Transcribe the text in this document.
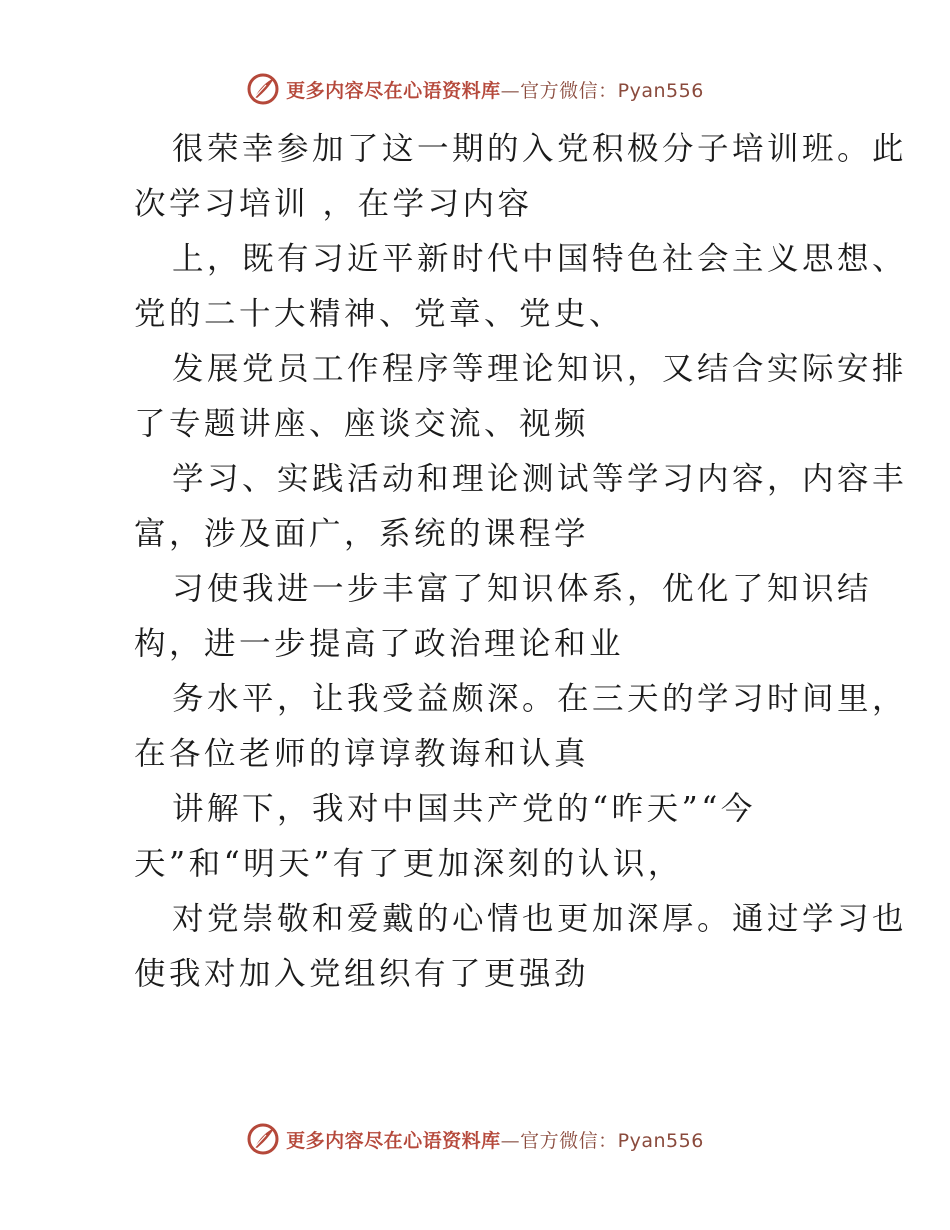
更多内容尽在心语资料库—官方微信：Pyan556

很荣幸参加了这一期的入党积极分子培训班。此
次学习培训 ，在学习内容

上，既有习近平新时代中国特色社会主义思想、
党的二十大精神、党章、党史、

发展党员工作程序等理论知识，又结合实际安排
了专题讲座、座谈交流、视频

学习、实践活动和理论测试等学习内容，内容丰
富，涉及面广，系统的课程学

习使我进一步丰富了知识体系，优化了知识结
构，进一步提高了政治理论和业

务水平，让我受益颇深。在三天的学习时间里，
在各位老师的谆谆教诲和认真

讲解下，我对中国共产党的“昨天”“今
天”和“明天”有了更加深刻的认识，

对党崇敬和爱戴的心情也更加深厚。通过学习也
使我对加入党组织有了更强劲

更多内容尽在心语资料库—官方微信：Pyan556
